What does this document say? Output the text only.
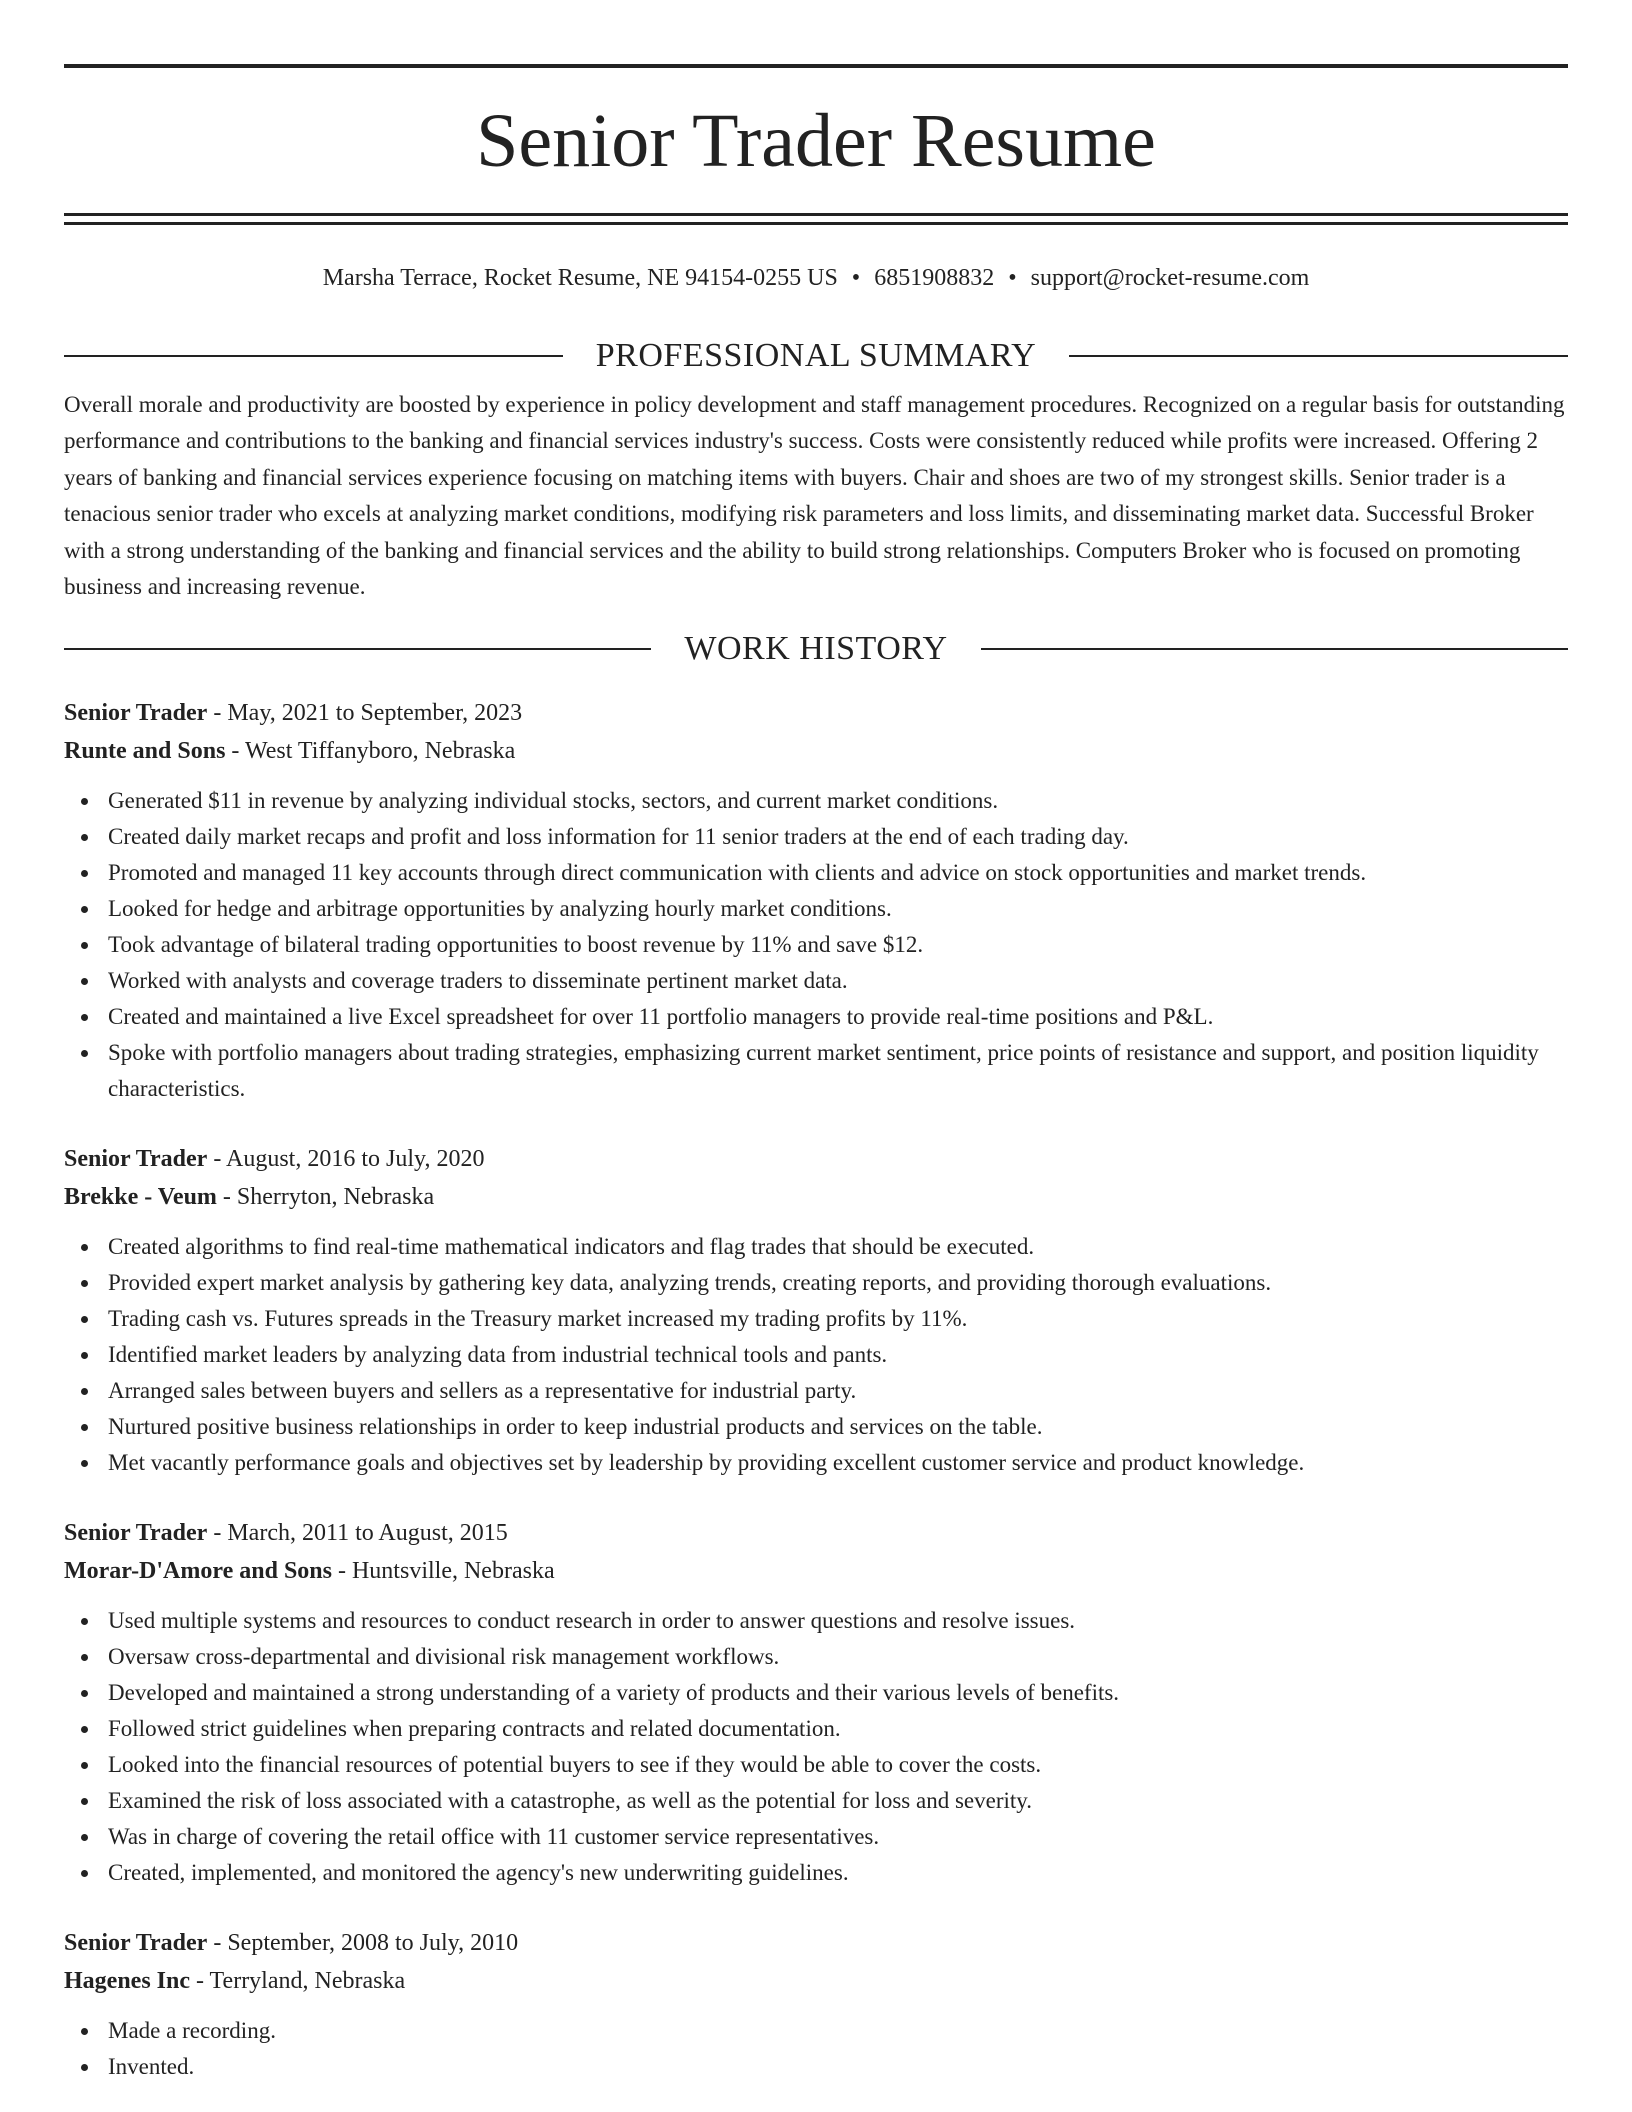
Senior Trader Resume
Marsha Terrace, Rocket Resume, NE 94154-0255 US • 6851908832 • support@rocket-resume.com
PROFESSIONAL SUMMARY
Overall morale and productivity are boosted by experience in policy development and staff management procedures. Recognized on a regular basis for outstanding performance and contributions to the banking and financial services industry's success. Costs were consistently reduced while profits were increased. Offering 2 years of banking and financial services experience focusing on matching items with buyers. Chair and shoes are two of my strongest skills. Senior trader is a tenacious senior trader who excels at analyzing market conditions, modifying risk parameters and loss limits, and disseminating market data. Successful Broker with a strong understanding of the banking and financial services and the ability to build strong relationships. Computers Broker who is focused on promoting business and increasing revenue.
WORK HISTORY
Senior Trader - May, 2021 to September, 2023
Runte and Sons - West Tiffanyboro, Nebraska
Generated $11 in revenue by analyzing individual stocks, sectors, and current market conditions.
Created daily market recaps and profit and loss information for 11 senior traders at the end of each trading day.
Promoted and managed 11 key accounts through direct communication with clients and advice on stock opportunities and market trends.
Looked for hedge and arbitrage opportunities by analyzing hourly market conditions.
Took advantage of bilateral trading opportunities to boost revenue by 11% and save $12.
Worked with analysts and coverage traders to disseminate pertinent market data.
Created and maintained a live Excel spreadsheet for over 11 portfolio managers to provide real-time positions and P&L.
Spoke with portfolio managers about trading strategies, emphasizing current market sentiment, price points of resistance and support, and position liquidity characteristics.
Senior Trader - August, 2016 to July, 2020
Brekke - Veum - Sherryton, Nebraska
Created algorithms to find real-time mathematical indicators and flag trades that should be executed.
Provided expert market analysis by gathering key data, analyzing trends, creating reports, and providing thorough evaluations.
Trading cash vs. Futures spreads in the Treasury market increased my trading profits by 11%.
Identified market leaders by analyzing data from industrial technical tools and pants.
Arranged sales between buyers and sellers as a representative for industrial party.
Nurtured positive business relationships in order to keep industrial products and services on the table.
Met vacantly performance goals and objectives set by leadership by providing excellent customer service and product knowledge.
Senior Trader - March, 2011 to August, 2015
Morar-D'Amore and Sons - Huntsville, Nebraska
Used multiple systems and resources to conduct research in order to answer questions and resolve issues.
Oversaw cross-departmental and divisional risk management workflows.
Developed and maintained a strong understanding of a variety of products and their various levels of benefits.
Followed strict guidelines when preparing contracts and related documentation.
Looked into the financial resources of potential buyers to see if they would be able to cover the costs.
Examined the risk of loss associated with a catastrophe, as well as the potential for loss and severity.
Was in charge of covering the retail office with 11 customer service representatives.
Created, implemented, and monitored the agency's new underwriting guidelines.
Senior Trader - September, 2008 to July, 2010
Hagenes Inc - Terryland, Nebraska
Made a recording.
Invented.
